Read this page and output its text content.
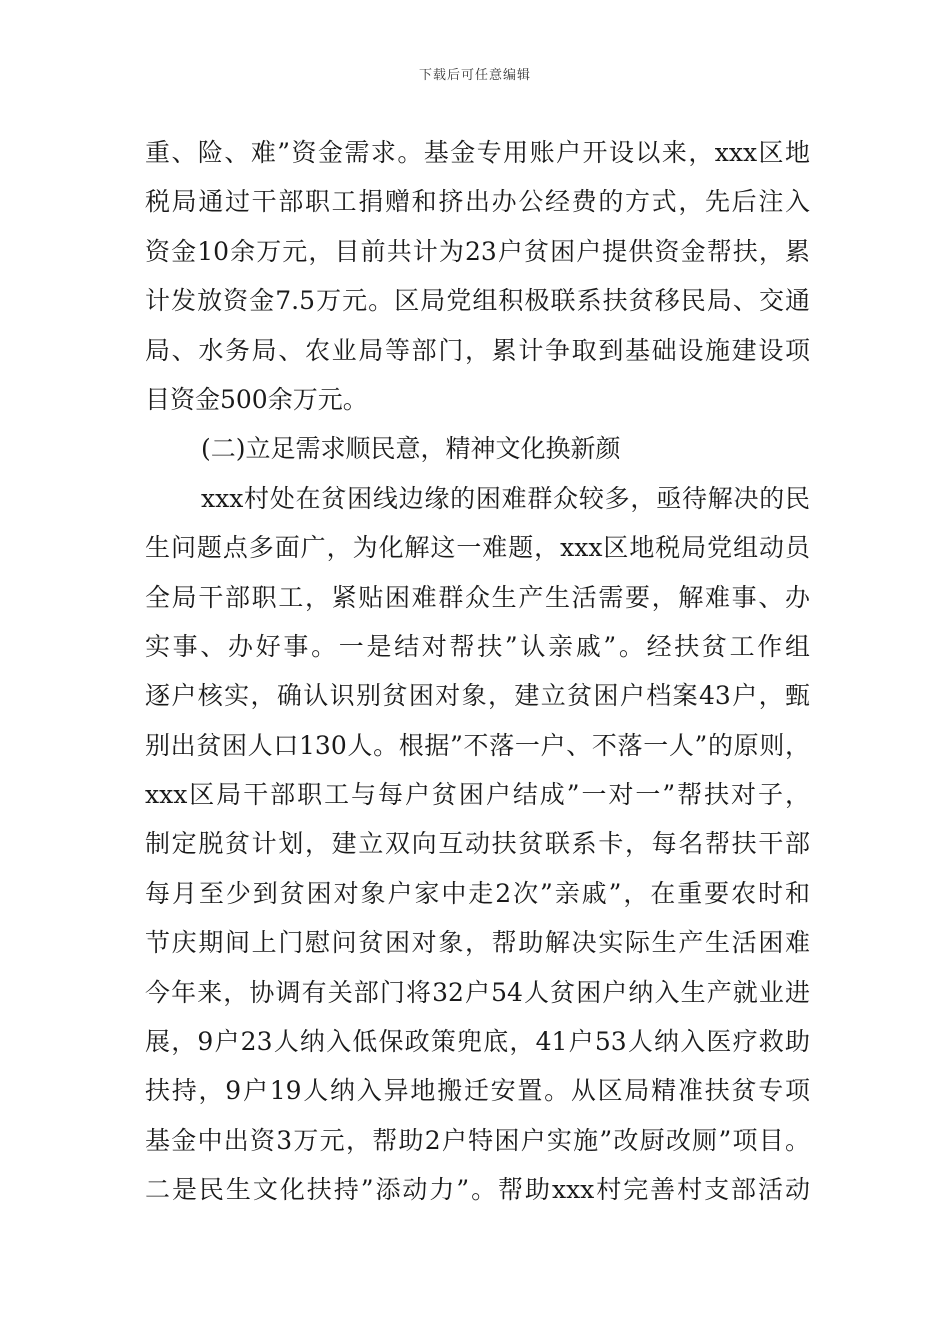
下载后可任意编辑
重、险、难”资金需求。基金专用账户开设以来，xxx区地
税局通过干部职工捐赠和挤出办公经费的方式，先后注入
资金10余万元，目前共计为23户贫困户提供资金帮扶，累
计发放资金7.5万元。区局党组积极联系扶贫移民局、交通
局、水务局、农业局等部门，累计争取到基础设施建设项
目资金500余万元。
(二)立足需求顺民意，精神文化换新颜
xxx村处在贫困线边缘的困难群众较多，亟待解决的民
生问题点多面广，为化解这一难题，xxx区地税局党组动员
全局干部职工，紧贴困难群众生产生活需要，解难事、办
实事、办好事。一是结对帮扶”认亲戚”。经扶贫工作组
逐户核实，确认识别贫困对象，建立贫困户档案43户，甄
别出贫困人口130人。根据”不落一户、不落一人”的原则，
xxx区局干部职工与每户贫困户结成”一对一”帮扶对子，
制定脱贫计划，建立双向互动扶贫联系卡，每名帮扶干部
每月至少到贫困对象户家中走2次”亲戚”，在重要农时和
节庆期间上门慰问贫困对象，帮助解决实际生产生活困难
今年来，协调有关部门将32户54人贫困户纳入生产就业进
展，9户23人纳入低保政策兜底，41户53人纳入医疗救助
扶持，9户19人纳入异地搬迁安置。从区局精准扶贫专项
基金中出资3万元，帮助2户特困户实施”改厨改厕”项目。
二是民生文化扶持”添动力”。帮助xxx村完善村支部活动
